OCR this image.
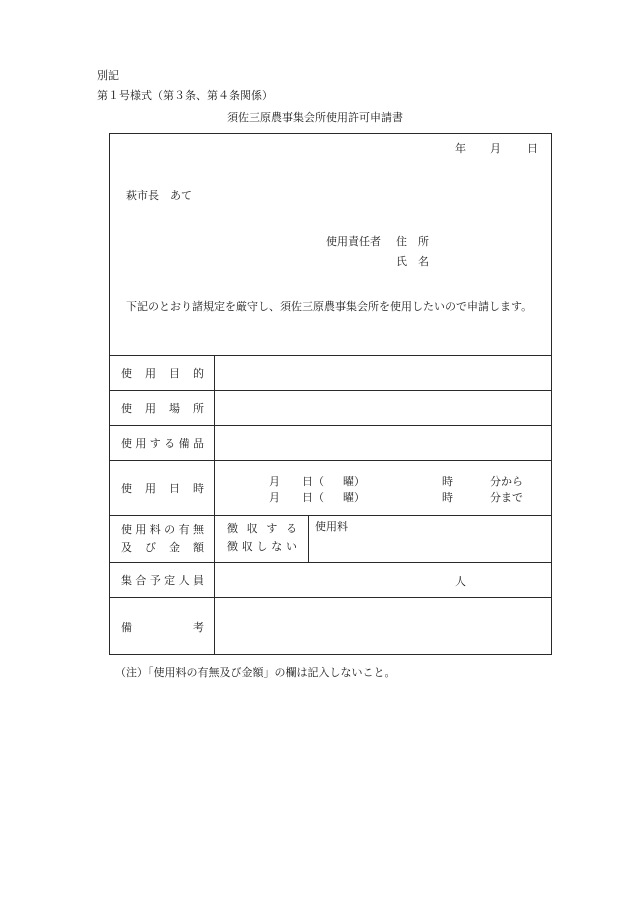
別記
第１号様式（第３条、第４条関係）
須佐三原農事集会所使用許可申請書
年 月 日
萩市長　あて
使用責任者 住　所
氏　名
下記のとおり諸規定を厳守し、須佐三原農事集会所を使用したいので申請します。
使 用 目 的
使 用 場 所
使 用 す る 備 品
使 用 日 時
使 用 料 の 有 無
及 び 金 額
集 合 予 定 人 員
備	考
月
月
日（
日（
曜）
曜）
時
時
分から
分まで
徴 収 す る
徴 収 し な い
使用料
人
（注）「使用料の有無及び金額」の欄は記入しないこと。
